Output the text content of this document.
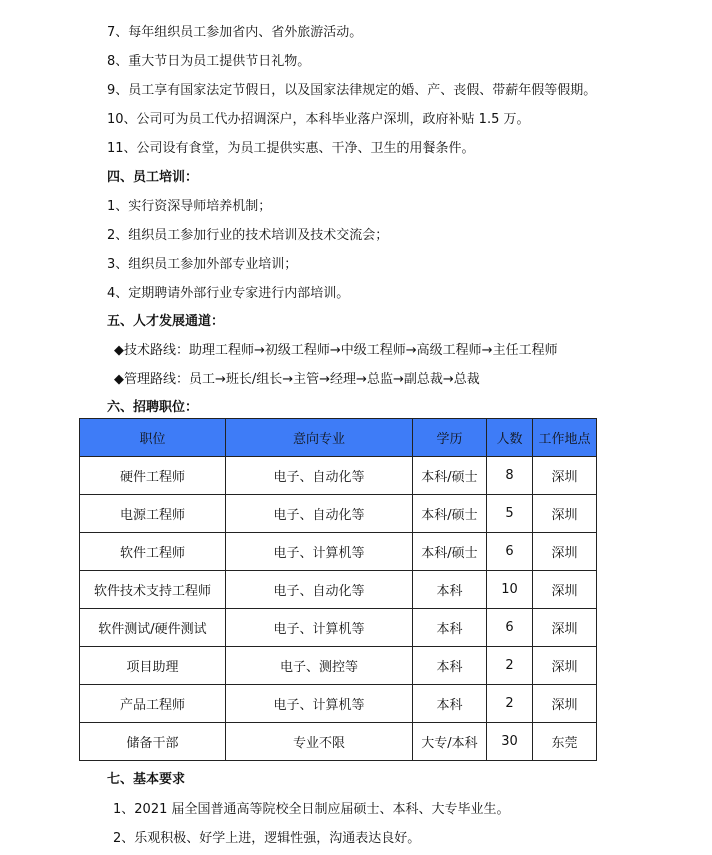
7、每年组织员工参加省内、省外旅游活动。
8、重大节日为员工提供节日礼物。
9、员工享有国家法定节假日，以及国家法律规定的婚、产、丧假、带薪年假等假期。
10、公司可为员工代办招调深户，本科毕业落户深圳，政府补贴 1.5 万。
11、公司设有食堂，为员工提供实惠、干净、卫生的用餐条件。
四、员工培训：
1、实行资深导师培养机制；
2、组织员工参加行业的技术培训及技术交流会；
3、组织员工参加外部专业培训；
4、定期聘请外部行业专家进行内部培训。
五、人才发展通道：
◆技术路线：助理工程师→初级工程师→中级工程师→高级工程师→主任工程师
◆管理路线：员工→班长/组长→主管→经理→总监→副总裁→总裁
六、招聘职位：
职位	意向专业	学历	人数	工作地点
硬件工程师	电子、自动化等	本科/硕士	8	深圳
电源工程师	电子、自动化等	本科/硕士	5	深圳
软件工程师	电子、计算机等	本科/硕士	6	深圳
软件技术支持工程师	电子、自动化等	本科	10	深圳
软件测试/硬件测试	电子、计算机等	本科	6	深圳
项目助理	电子、测控等	本科	2	深圳
产品工程师	电子、计算机等	本科	2	深圳
储备干部	专业不限	大专/本科	30	东莞
七、基本要求
1、2021 届全国普通高等院校全日制应届硕士、本科、大专毕业生。
2、乐观积极、好学上进，逻辑性强，沟通表达良好。
